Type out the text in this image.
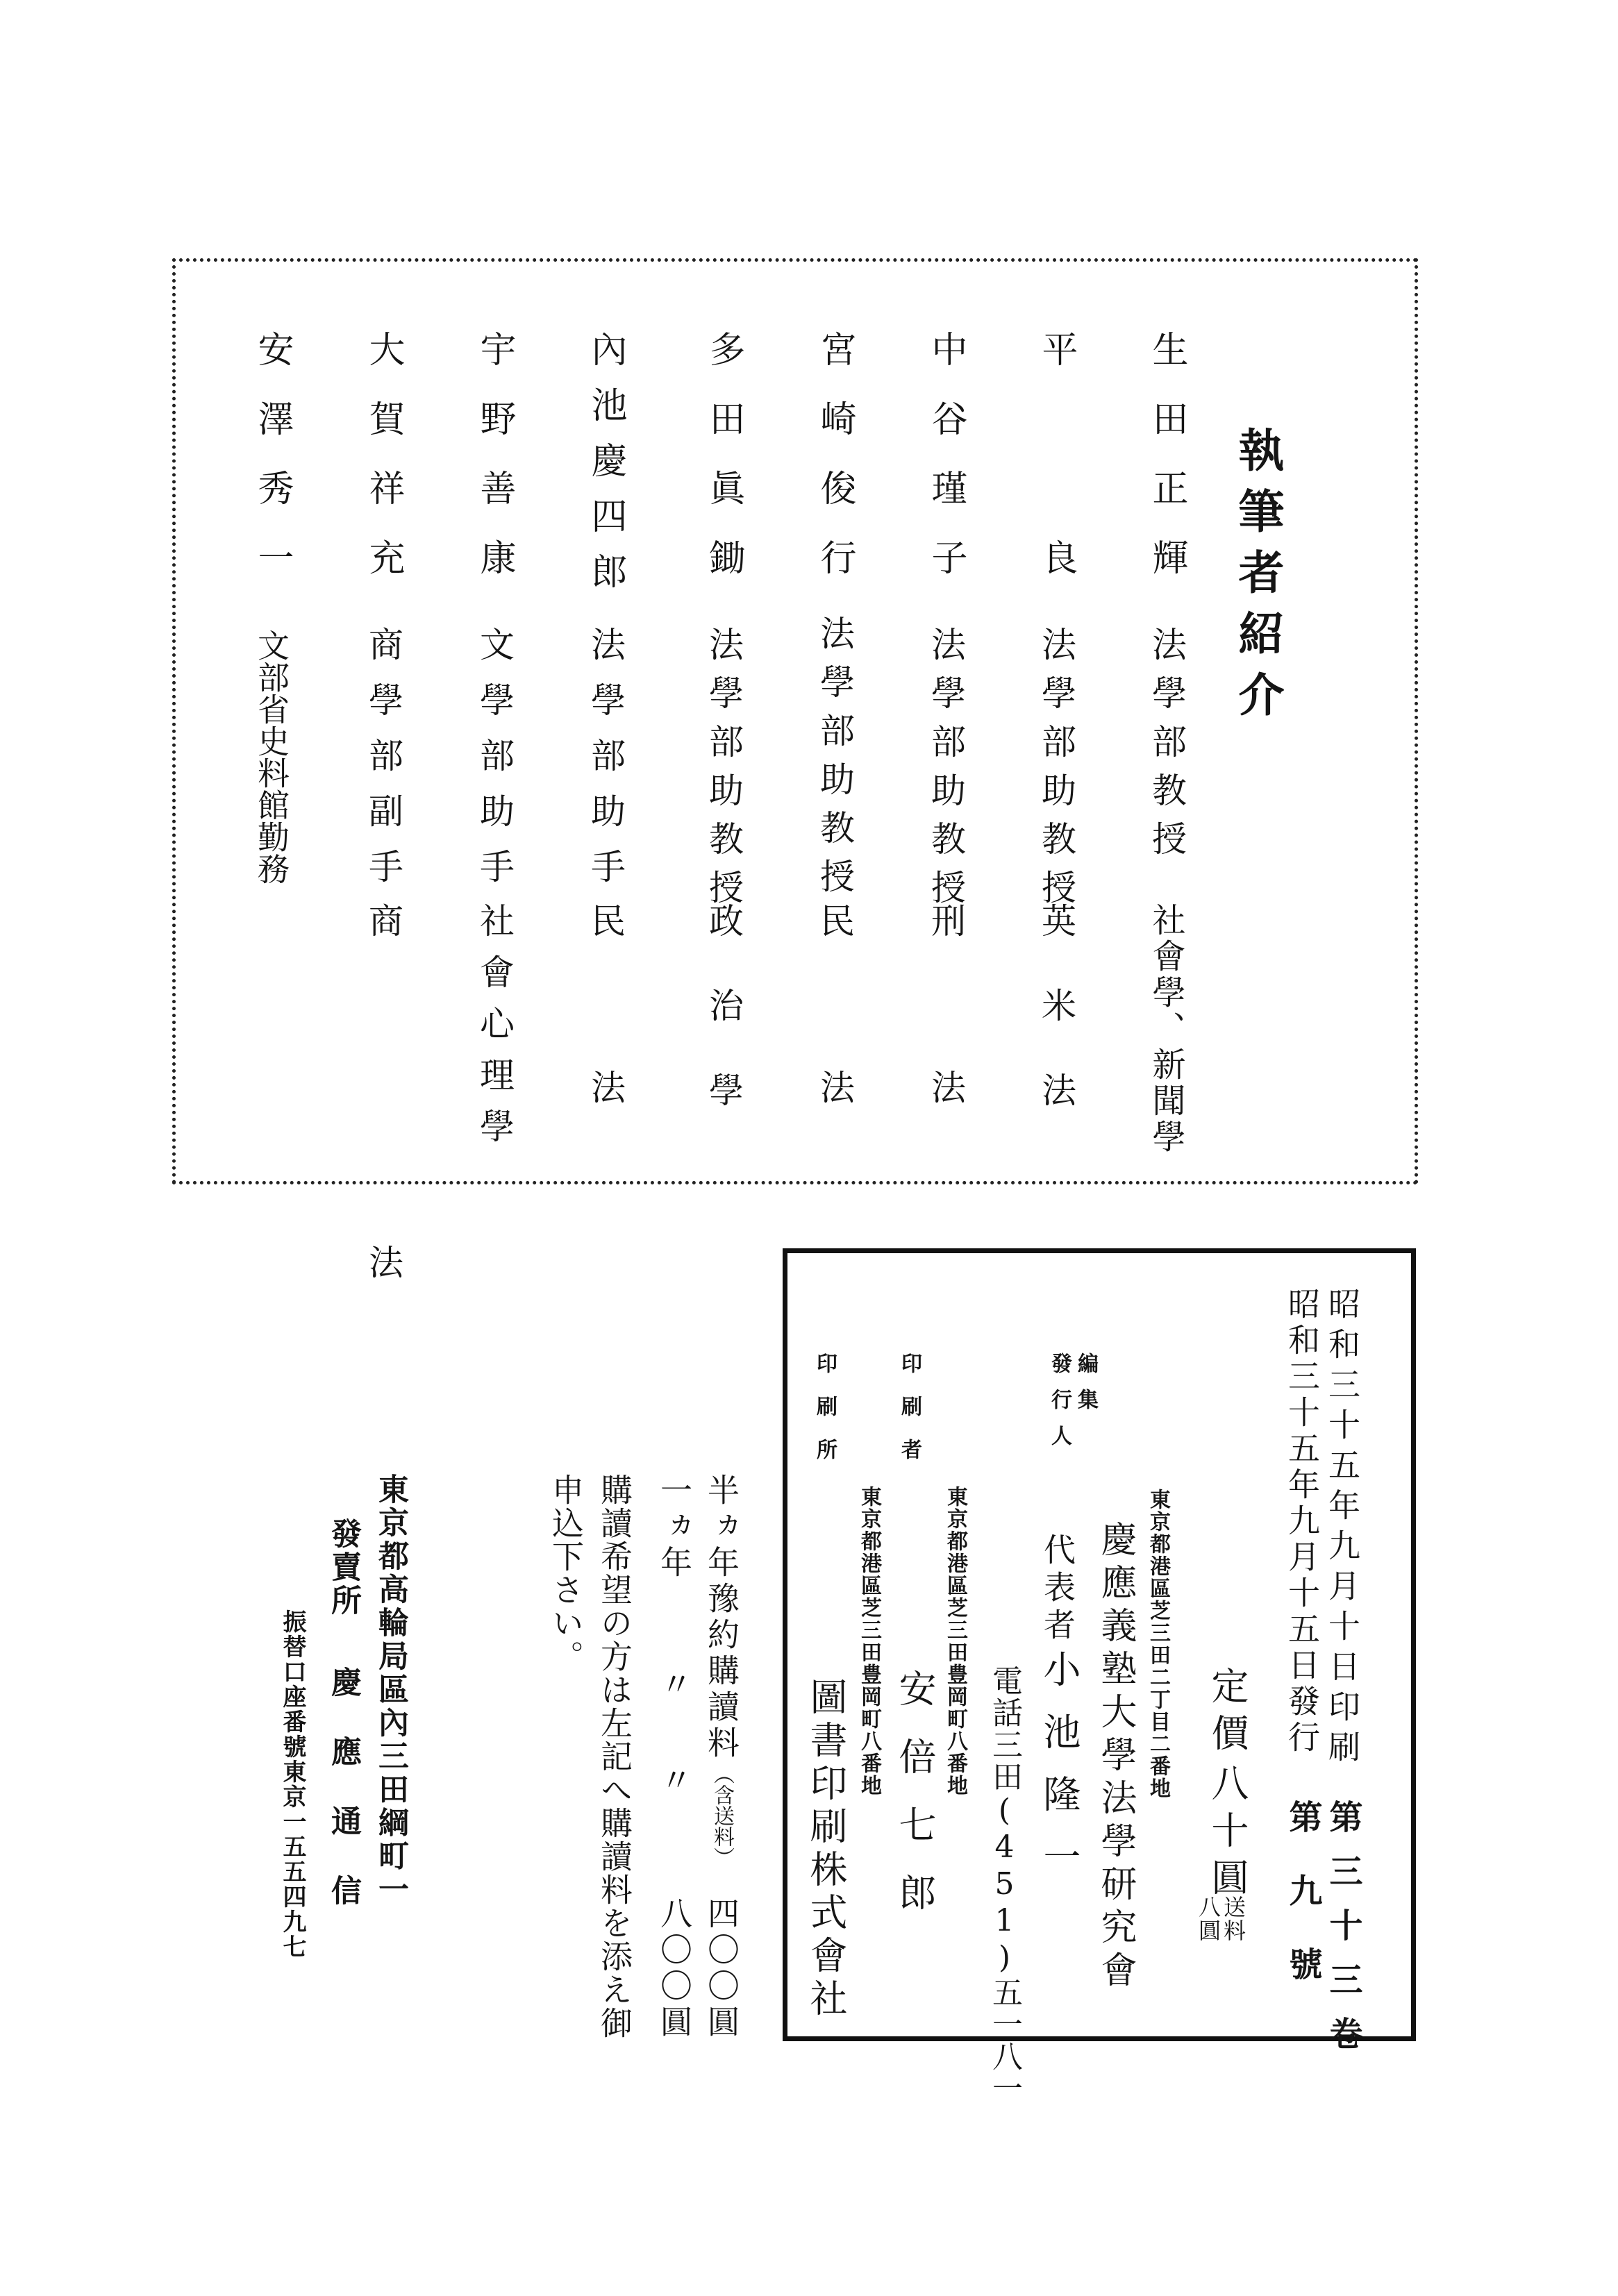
執筆者紹介
生田正輝
法學部教授
社會學、新聞學
平　　良
法學部助教授
英米法
中谷瑾子
法學部助教授
刑　法
宮崎俊行
法學部助教授
民　法
多田眞鋤
法學部助教授
政治學
內池慶四郎
法學部助手
民　法
宇野善康
文學部助手
社會心理學
大賀祥充
商學部副手
商　法
安澤秀一
文部省史料館勤務
昭和三十五年九月十日印刷
昭和三十五年九月十五日發行
第三十三卷
第九號
定價
八十圓
送料
八圓
編集
發行人
東京都港區芝三田二丁目二番地
慶應義塾大學法學研究會
代表者
小池隆一
電話三田(451)五一八一
印刷者
東京都港區芝三田豊岡町八番地
安倍七郎
印刷所
東京都港區芝三田豊岡町八番地
圖書印刷株式會社
半ヵ年豫約購讀料
（含送料）
四〇〇圓
一ヵ年
〃
〃
八〇〇圓
購讀希望の方は左記へ購讀料を添え御
申込下さい。
東京都高輪局區內三田綱町一
發賣所
慶應通信
振替口座番號東京一五五四九七
